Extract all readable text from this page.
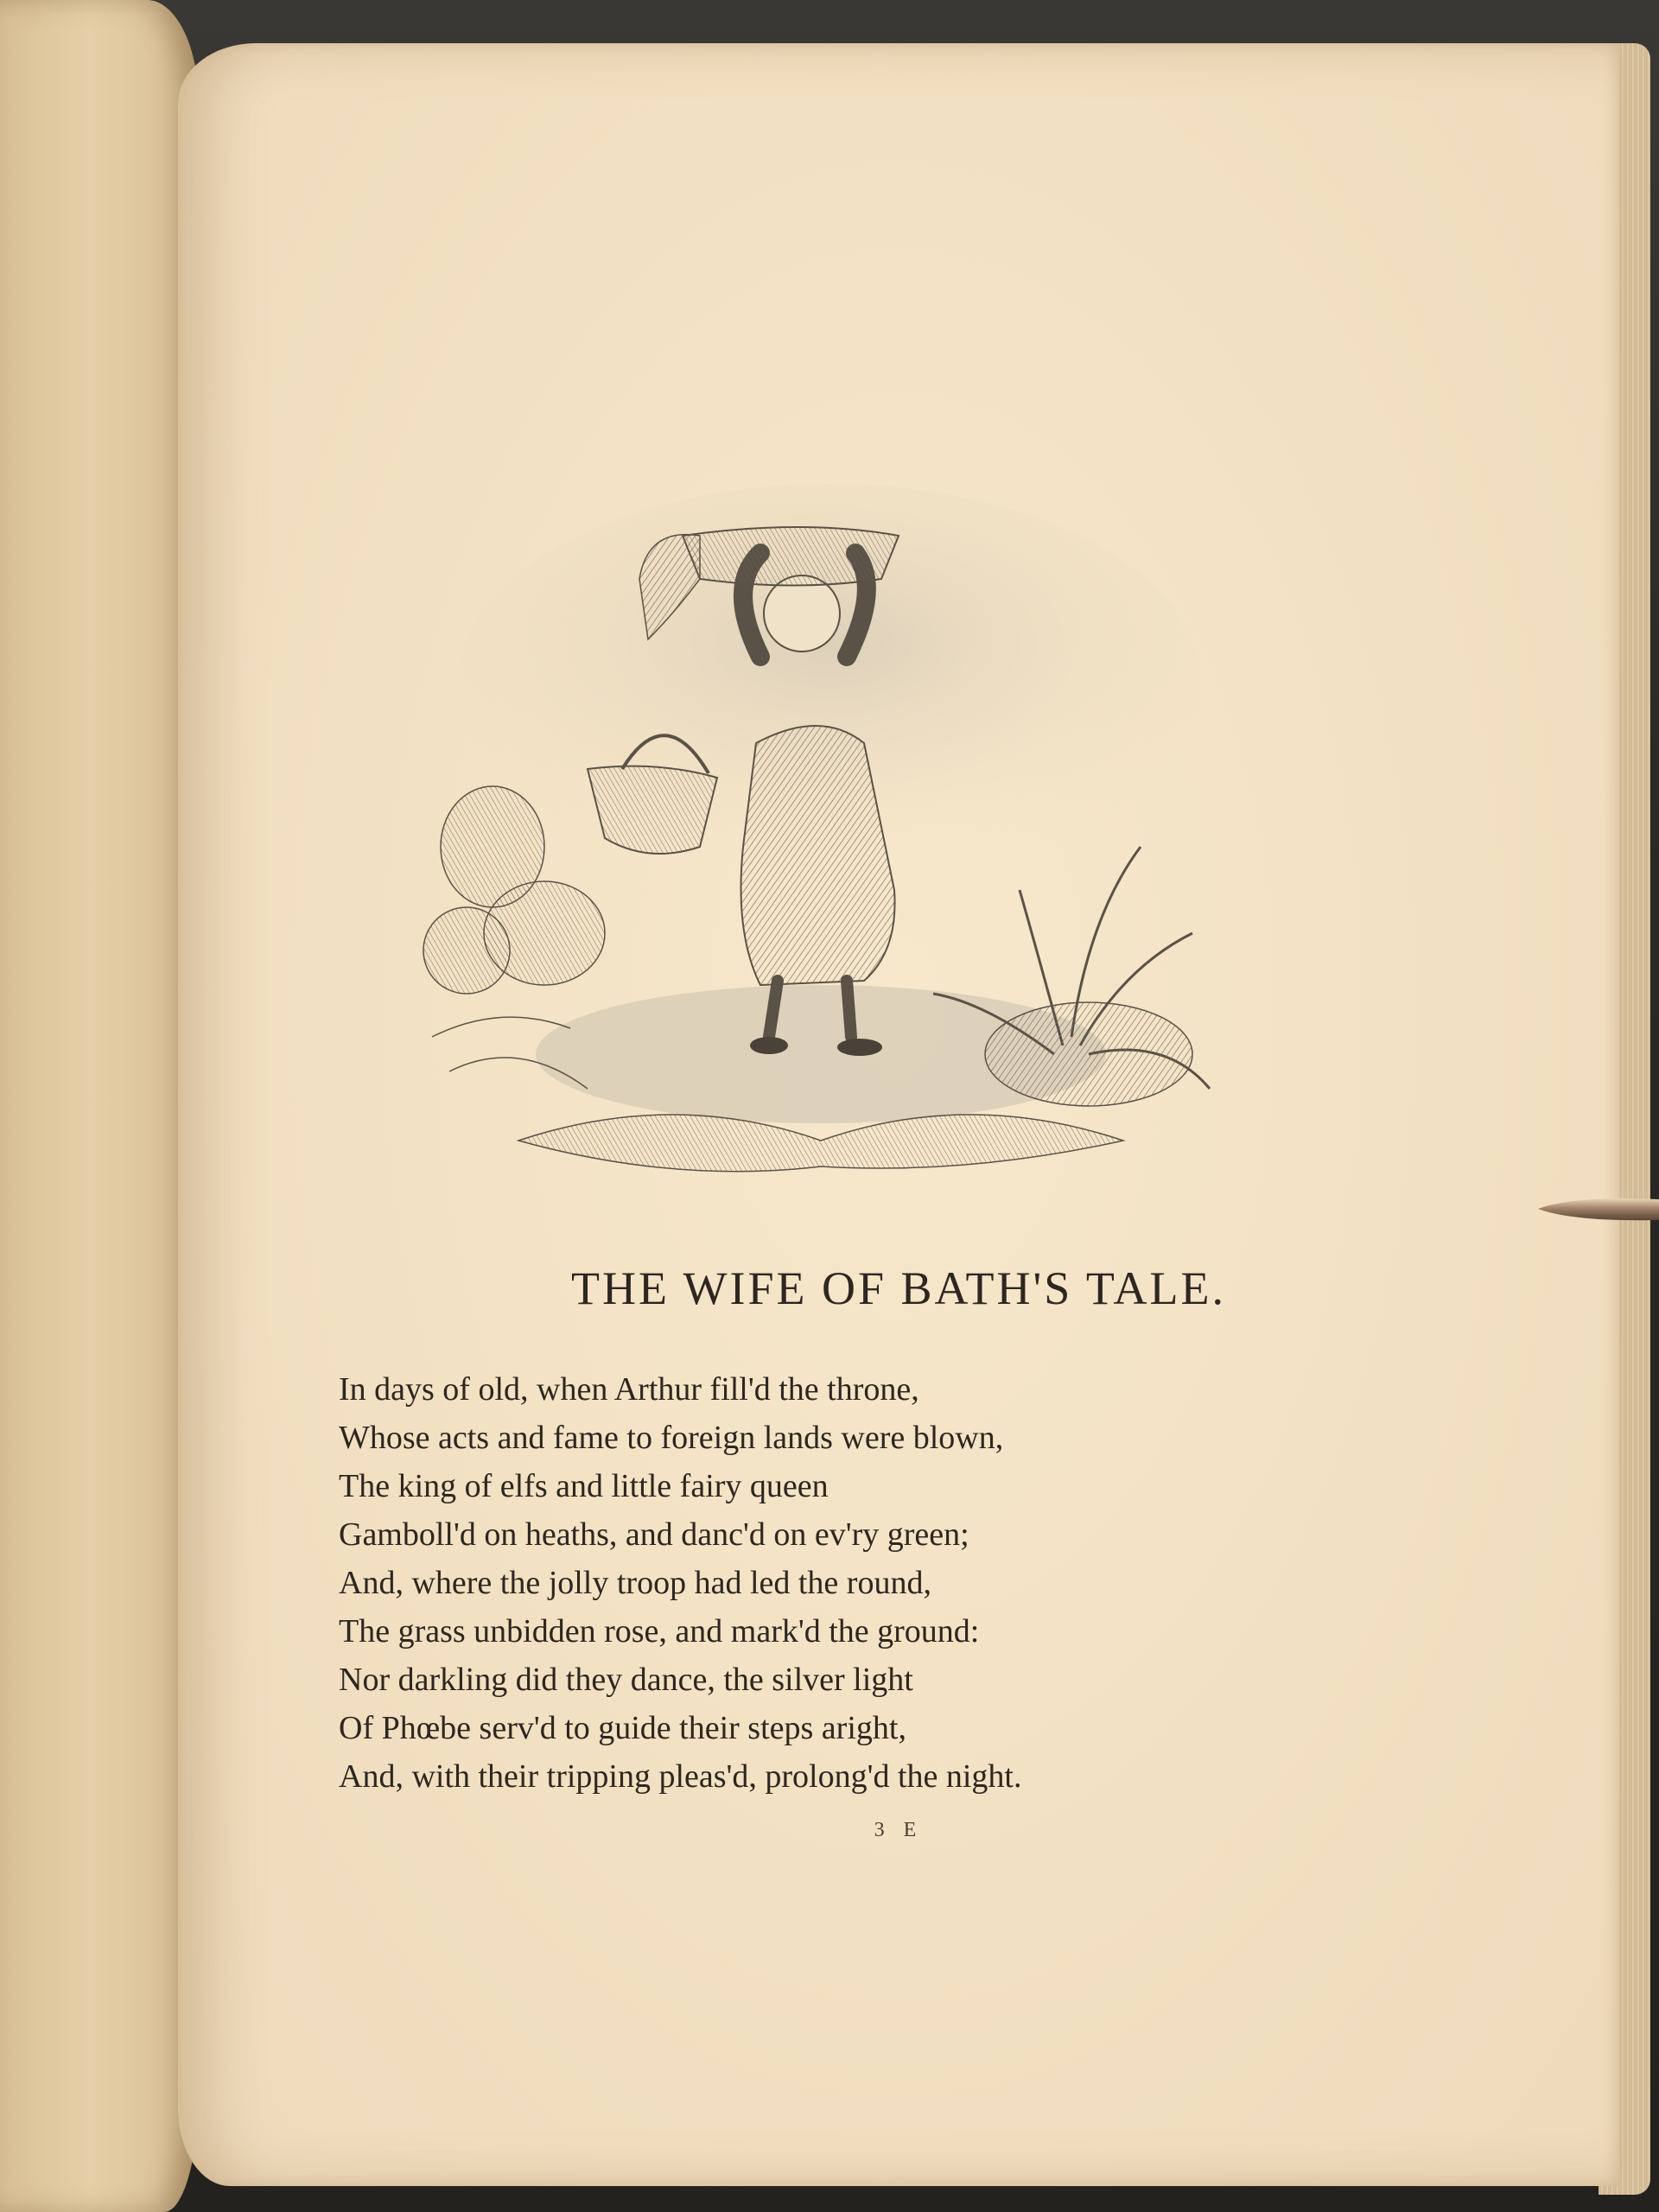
THE WIFE OF BATH'S TALE.
In days of old, when Arthur fill'd the throne,
Whose acts and fame to foreign lands were blown,
The king of elfs and little fairy queen
Gamboll'd on heaths, and danc'd on ev'ry green;
And, where the jolly troop had led the round,
The grass unbidden rose, and mark'd the ground:
Nor darkling did they dance, the silver light
Of Phœbe serv'd to guide their steps aright,
And, with their tripping pleas'd, prolong'd the night.
3 E
